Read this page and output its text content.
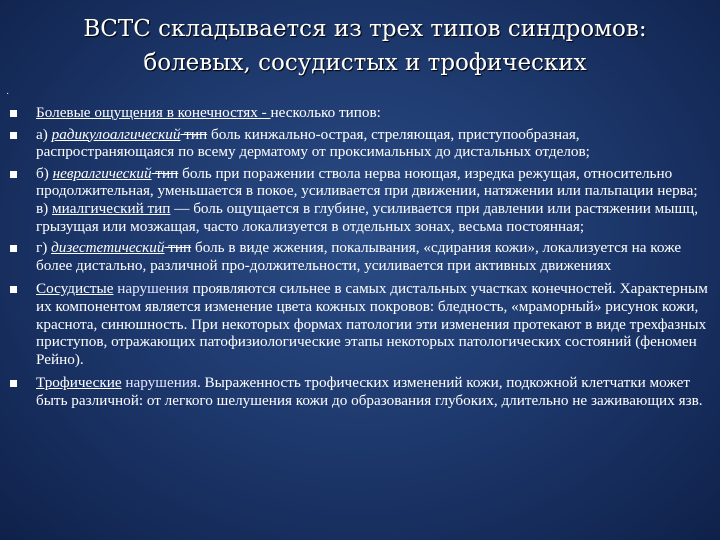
ВСТС складывается из трех типов синдромов:
болевых, сосудистых и трофических
·

Болевые ощущения в конечностях - несколько типов:

а) радикулоалгический тип боль кинжально-острая, стреляющая, приступообразная, распространяющаяся по всему дерматому от проксимальных до дистальных отделов;

б) невралгический тип боль при поражении ствола нерва ноющая, изредка режущая, относительно продолжительная, уменьшается в покое, усиливается при движении, натяжении или пальпации нерва; в) миалгический тип — боль ощущается в глубине, усиливается при давлении или растяжении мышц, грызущая или мозжащая, часто локализуется в отдельных зонах, весьма постоянная;

г) дизестетический тип боль в виде жжения, покалывания, «сдирания кожи», локализуется на коже более дистально, различной про-должительности, усиливается при активных движениях

Сосудистые нарушения проявляются сильнее в самых дистальных участках конечностей. Характерным их компонентом является изменение цвета кожных покровов: бледность, «мраморный» рисунок кожи, краснота, синюшность. При некоторых формах патологии эти изменения протекают в виде трехфазных приступов, отражающих патофизиологические этапы некоторых патологических состояний (феномен Рейно).

Трофические нарушения. Выраженность трофических изменений кожи, подкожной клетчатки может быть различной: от легкого шелушения кожи до образования глубоких, длительно не заживающих язв.
